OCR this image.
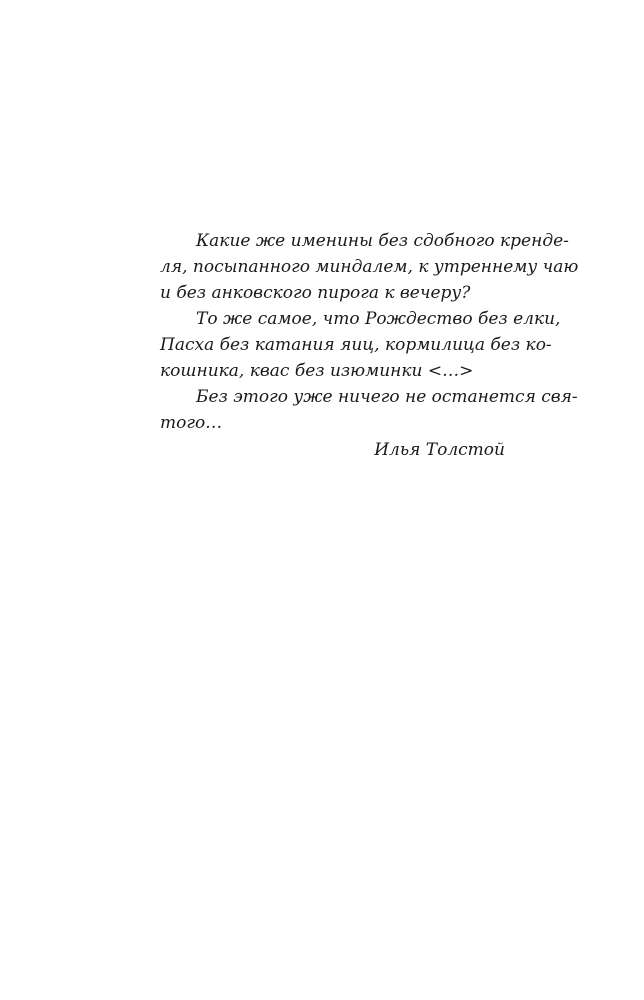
Какие же именины без сдобного кренде-
ля, посыпанного миндалем, к утреннему чаю
и без анковского пирога к вечеру?
То же самое, что Рождество без елки,
Пасха без катания яиц, кормилица без ко-
кошника, квас без изюминки <…>
Без этого уже ничего не останется свя-
того…
Илья Толстой
